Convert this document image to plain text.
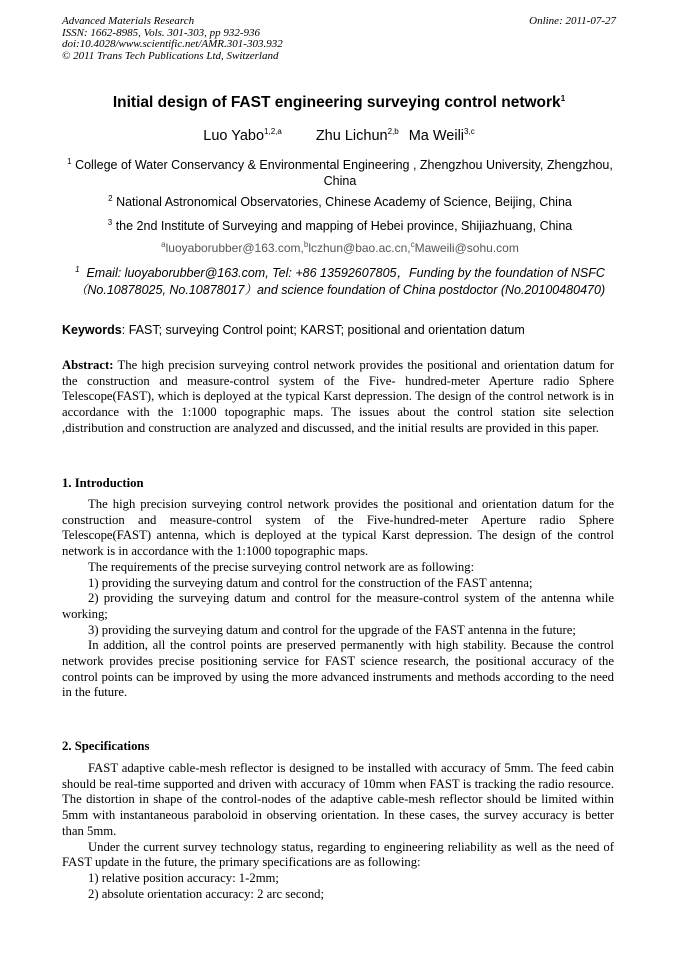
Advanced Materials Research
ISSN: 1662-8985, Vols. 301-303, pp 932-936
doi:10.4028/www.scientific.net/AMR.301-303.932
© 2011 Trans Tech Publications Ltd, Switzerland
Online: 2011-07-27
Initial design of FAST engineering surveying control network$^1$
Luo Yabo$^{1,2,a}$ Zhu Lichun$^{2,b}$ Ma Weili$^{3,c}$
$^1$ College of Water Conservancy & Environmental Engineering , Zhengzhou University, Zhengzhou, China
$^2$ National Astronomical Observatories, Chinese Academy of Science, Beijing, China
$^3$ the 2nd Institute of Surveying and mapping of Hebei province, Shijiazhuang, China
$^a$luoyaborubber@163.com,$^b$lczhun@bao.ac.cn,$^c$Maweili@sohu.com
$^1$ Email: luoyaborubber@163.com, Tel: +86 13592607805，Funding by the foundation of NSFC
（No.10878025, No.10878017）and science foundation of China postdoctor (No.20100480470)
Keywords: FAST; surveying Control point; KARST; positional and orientation datum
Abstract: The high precision surveying control network provides the positional and orientation datum for the construction and measure-control system of the Five- hundred-meter Aperture radio Sphere Telescope(FAST), which is deployed at the typical Karst depression. The design of the control network is in accordance with the 1:1000 topographic maps. The issues about the control station site selection ,distribution and construction are analyzed and discussed, and the initial results are provided in this paper.
1. Introduction

The high precision surveying control network provides the positional and orientation datum for the construction and measure-control system of the Five-hundred-meter Aperture radio Sphere Telescope(FAST) antenna, which is deployed at the typical Karst depression. The design of the control network is in accordance with the 1:1000 topographic maps.

The requirements of the precise surveying control network are as following:

1) providing the surveying datum and control for the construction of the FAST antenna;

2) providing the surveying datum and control for the measure-control system of the antenna while working;

3) providing the surveying datum and control for the upgrade of the FAST antenna in the future;

In addition, all the control points are preserved permanently with high stability. Because the control network provides precise positioning service for FAST science research, the positional accuracy of the control points can be improved by using the more advanced instruments and methods according to the need in the future.

2. Specifications

FAST adaptive cable-mesh reflector is designed to be installed with accuracy of 5mm. The feed cabin should be real-time supported and driven with accuracy of 10mm when FAST is tracking the radio resource. The distortion in shape of the control-nodes of the adaptive cable-mesh reflector should be limited within 5mm with instantaneous paraboloid in observing orientation. In these cases, the survey accuracy is better than 5mm.

Under the current survey technology status, regarding to engineering reliability as well as the need of FAST update in the future, the primary specifications are as following:

1) relative position accuracy: 1-2mm;

2) absolute orientation accuracy: 2 arc second;
